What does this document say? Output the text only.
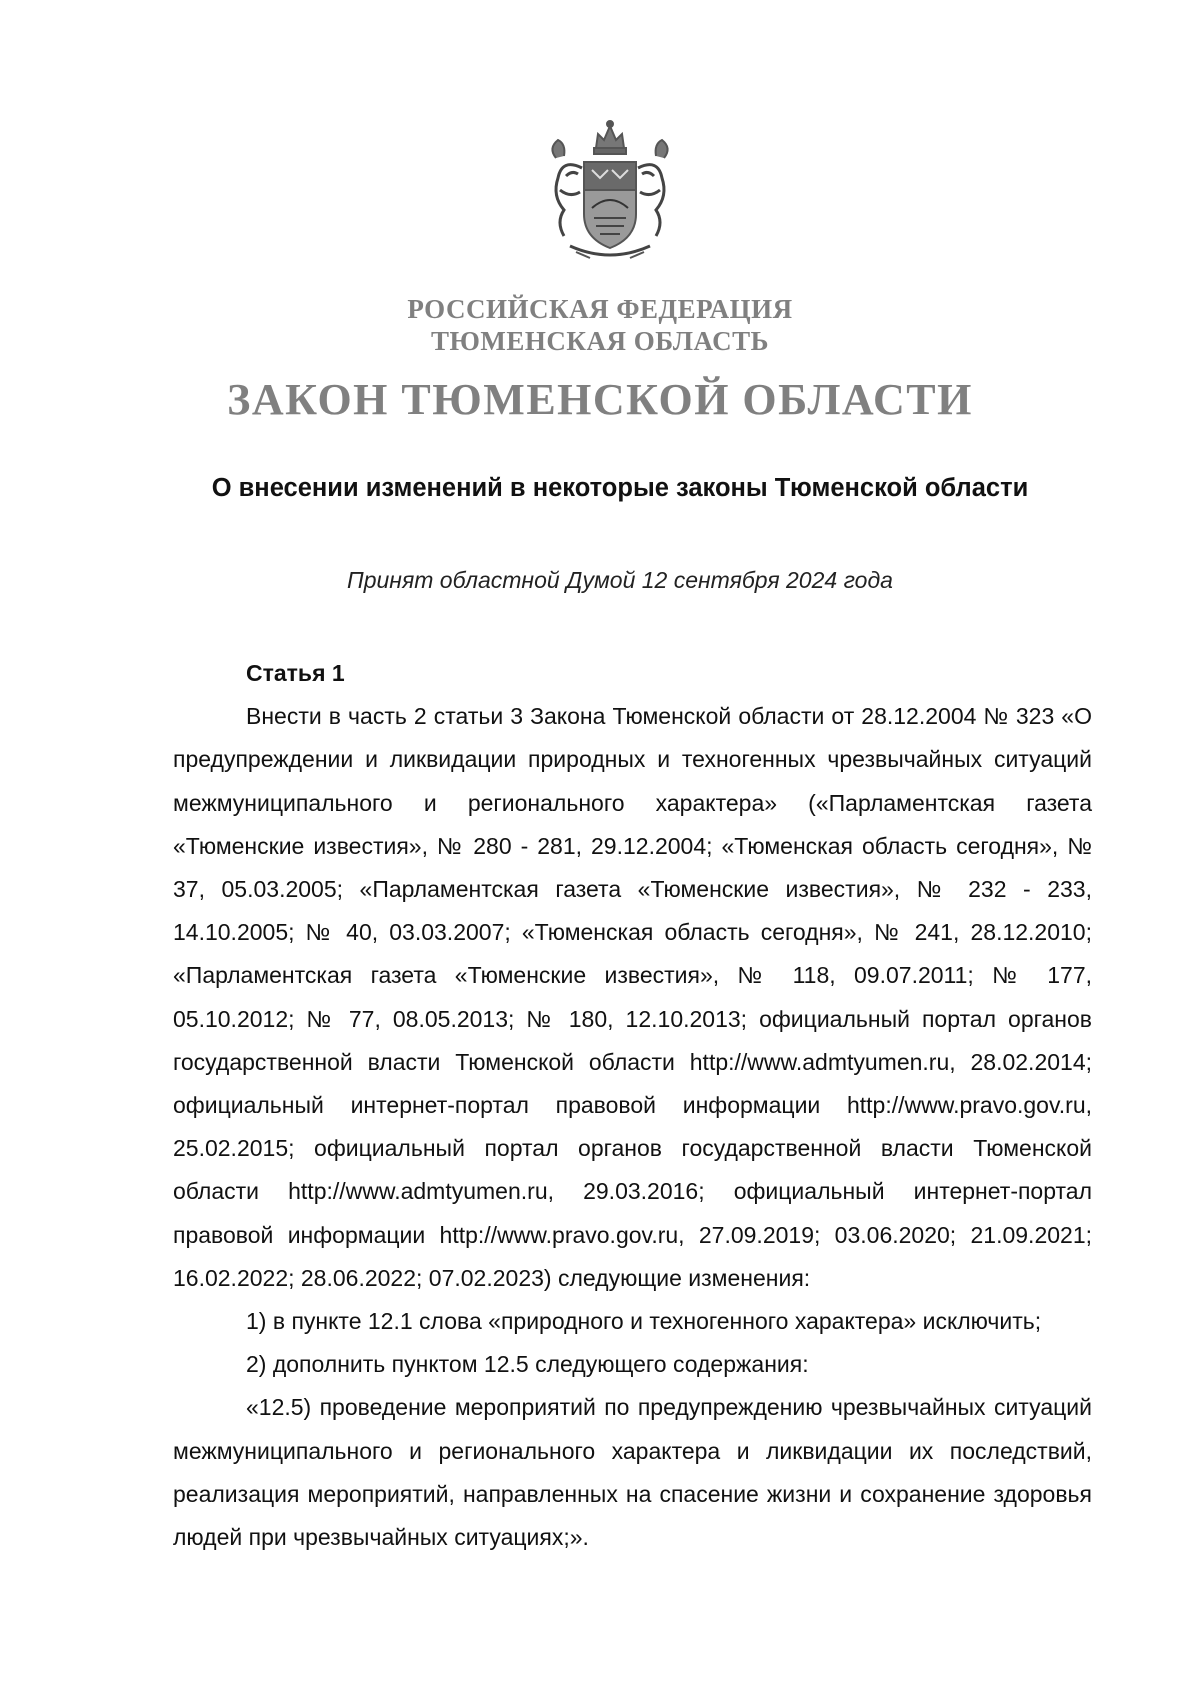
РОССИЙСКАЯ ФЕДЕРАЦИЯ
ТЮМЕНСКАЯ ОБЛАСТЬ
ЗАКОН ТЮМЕНСКОЙ ОБЛАСТИ
О внесении изменений в некоторые законы Тюменской области
Принят областной Думой 12 сентября 2024 года

Статья 1

Внести в часть 2 статьи 3 Закона Тюменской области от 28.12.2004 № 323 «О предупреждении и ликвидации природных и техногенных чрезвычайных ситуаций межмуниципального и регионального характера» («Парламентская газета «Тюменские известия», № 280 - 281, 29.12.2004; «Тюменская область сегодня», № 37, 05.03.2005; «Парламентская газета «Тюменские известия», № 232 - 233, 14.10.2005; № 40, 03.03.2007; «Тюменская область сегодня», № 241, 28.12.2010; «Парламентская газета «Тюменские известия», № 118, 09.07.2011; № 177, 05.10.2012; № 77, 08.05.2013; № 180, 12.10.2013; официальный портал органов государственной власти Тюменской области http://www.admtyumen.ru, 28.02.2014; официальный интернет-портал правовой информации http://www.pravo.gov.ru, 25.02.2015; официальный портал органов государственной власти Тюменской области http://www.admtyumen.ru, 29.03.2016; официальный интернет-портал правовой информации http://www.pravo.gov.ru, 27.09.2019; 03.06.2020; 21.09.2021; 16.02.2022; 28.06.2022; 07.02.2023) следующие изменения:

1) в пункте 12.1 слова «природного и техногенного характера» исключить;

2) дополнить пунктом 12.5 следующего содержания:

«12.5) проведение мероприятий по предупреждению чрезвычайных ситуаций межмуниципального и регионального характера и ликвидации их последствий, реализация мероприятий, направленных на спасение жизни и сохранение здоровья людей при чрезвычайных ситуациях;».
